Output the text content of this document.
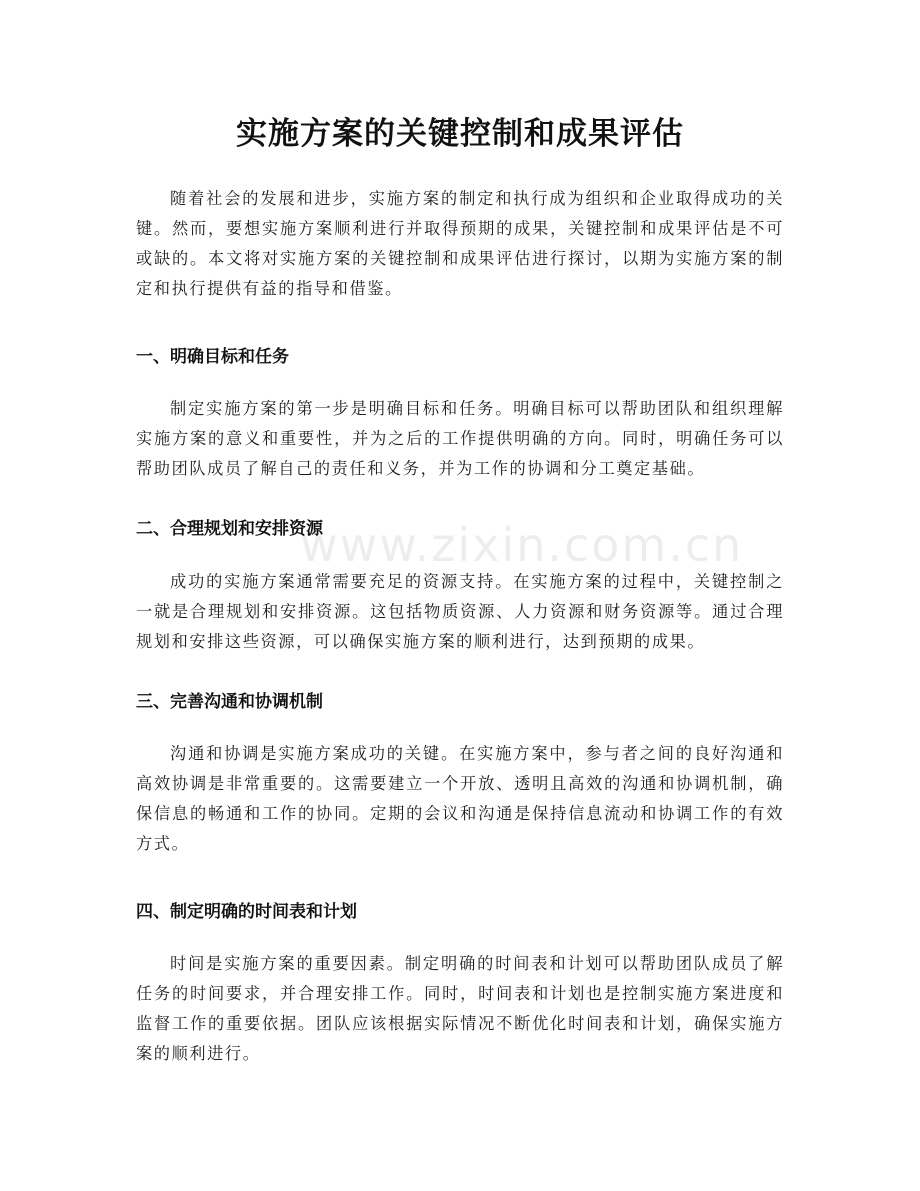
实施方案的关键控制和成果评估

随着社会的发展和进步，实施方案的制定和执行成为组织和企业取得成功的关键。然而，要想实施方案顺利进行并取得预期的成果，关键控制和成果评估是不可或缺的。本文将对实施方案的关键控制和成果评估进行探讨，以期为实施方案的制定和执行提供有益的指导和借鉴。

一、明确目标和任务

制定实施方案的第一步是明确目标和任务。明确目标可以帮助团队和组织理解实施方案的意义和重要性，并为之后的工作提供明确的方向。同时，明确任务可以帮助团队成员了解自己的责任和义务，并为工作的协调和分工奠定基础。

二、合理规划和安排资源

成功的实施方案通常需要充足的资源支持。在实施方案的过程中，关键控制之一就是合理规划和安排资源。这包括物质资源、人力资源和财务资源等。通过合理规划和安排这些资源，可以确保实施方案的顺利进行，达到预期的成果。

三、完善沟通和协调机制

沟通和协调是实施方案成功的关键。在实施方案中，参与者之间的良好沟通和高效协调是非常重要的。这需要建立一个开放、透明且高效的沟通和协调机制，确保信息的畅通和工作的协同。定期的会议和沟通是保持信息流动和协调工作的有效方式。

四、制定明确的时间表和计划

时间是实施方案的重要因素。制定明确的时间表和计划可以帮助团队成员了解任务的时间要求，并合理安排工作。同时，时间表和计划也是控制实施方案进度和监督工作的重要依据。团队应该根据实际情况不断优化时间表和计划，确保实施方案的顺利进行。

www.zixin.com.cn
